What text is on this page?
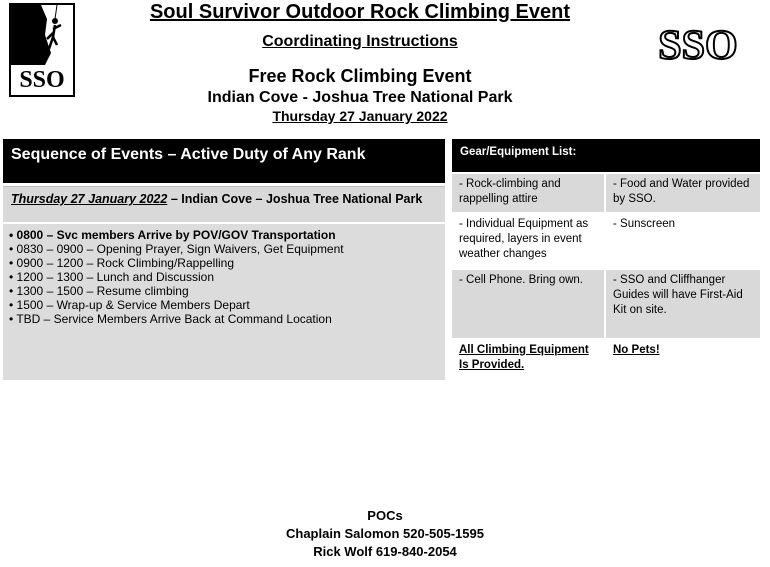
SSO
SSO
Soul Survivor Outdoor Rock Climbing Event
Coordinating Instructions
Free Rock Climbing Event
Indian Cove - Joshua Tree National Park
Thursday 27 January 2022
Sequence of Events – Active Duty of Any Rank
Thursday 27 January 2022 – Indian Cove – Joshua Tree National Park
• 0800 – Svc members Arrive by POV/GOV Transportation
• 0830 – 0900 – Opening Prayer, Sign Waivers, Get Equipment
• 0900 – 1200 – Rock Climbing/Rappelling
• 1200 – 1300 – Lunch and Discussion
• 1300 – 1500 – Resume climbing
• 1500 – Wrap-up & Service Members Depart
• TBD – Service Members Arrive Back at Command Location
Gear/Equipment List:
- Rock-climbing and rappelling attire
- Food and Water provided by SSO.
- Individual Equipment as required, layers in event weather changes
- Sunscreen
- Cell Phone. Bring own.	- SSO and Cliffhanger Guides will have First-Aid Kit on site.
All Climbing Equipment Is Provided.
No Pets!
POCs
Chaplain Salomon 520-505-1595
Rick Wolf 619-840-2054
